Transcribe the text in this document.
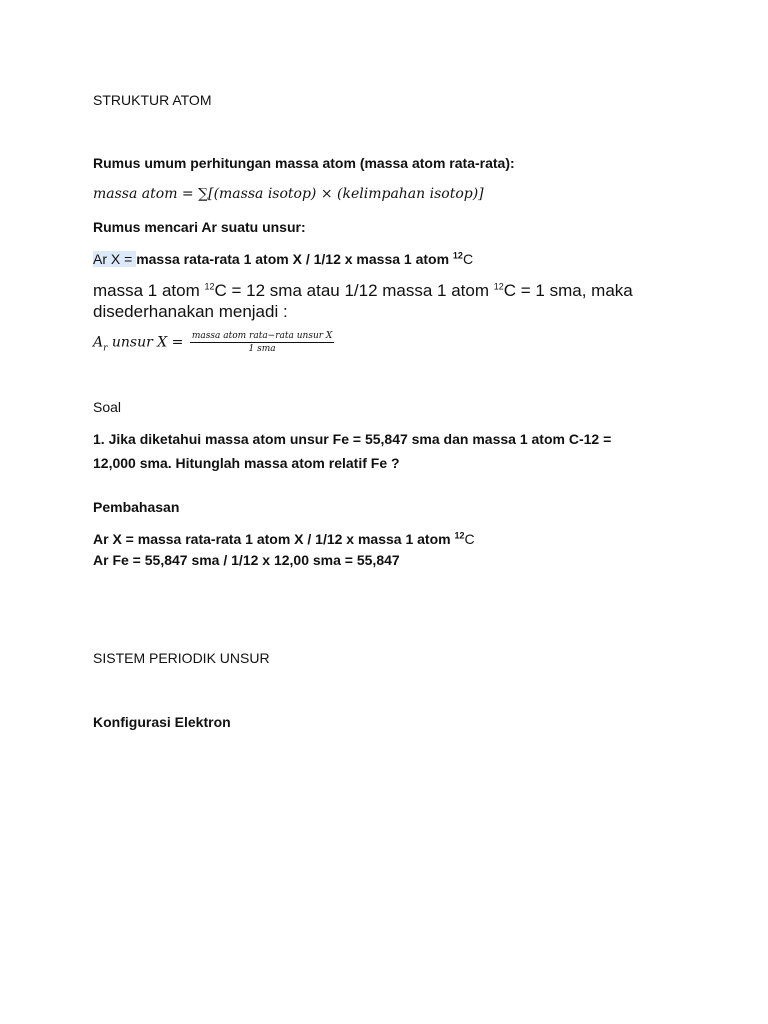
STRUKTUR ATOM
Rumus umum perhitungan massa atom (massa atom rata-rata):
massa atom = ∑[(massa isotop) × (kelimpahan isotop)]
Rumus mencari Ar suatu unsur:
Ar X = massa rata-rata 1 atom X / 1/12 x massa 1 atom $^{12}$C
massa 1 atom $^{12}$C = 12 sma atau 1/12 massa 1 atom $^{12}$C = 1 sma, maka
disederhanakan menjadi :
$A_r$ unsur $X = \frac{\text{massa atom rata−rata unsur X}}{\text{1 sma}}$
Soal
1. Jika diketahui massa atom unsur Fe = 55,847 sma dan massa 1 atom C-12 =
12,000 sma. Hitunglah massa atom relatif Fe ?
Pembahasan
Ar X = massa rata-rata 1 atom X / 1/12 x massa 1 atom $^{12}$C
Ar Fe = 55,847 sma / 1/12 x 12,00 sma = 55,847
SISTEM PERIODIK UNSUR
Konfigurasi Elektron
